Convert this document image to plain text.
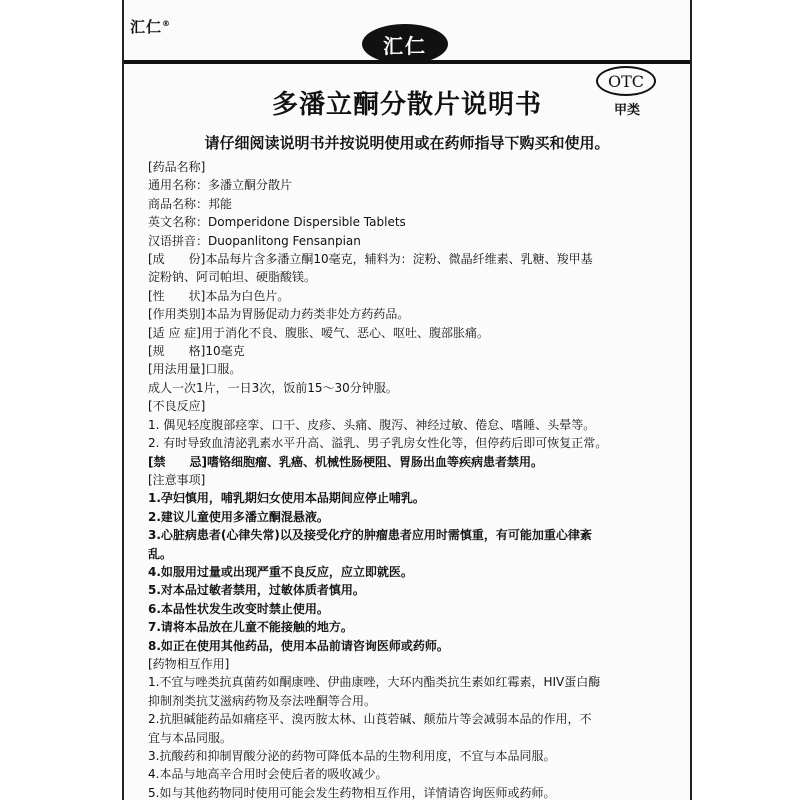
汇仁®
汇仁
OTC
甲类
多潘立酮分散片说明书
请仔细阅读说明书并按说明使用或在药师指导下购买和使用。
[药品名称]
通用名称： 多潘立酮分散片
商品名称： 邦能
英文名称： Domperidone Dispersible Tablets
汉语拼音： Duopanlitong Fensanpian
[成　　份] 本品每片含多潘立酮10毫克，辅料为：淀粉、微晶纤维素、乳糖、羧甲基
淀粉钠、阿司帕坦、硬脂酸镁。
[性　　状] 本品为白色片。
[作用类别] 本品为胃肠促动力药类非处方药药品。
[适 应 症] 用于消化不良、腹胀、嗳气、恶心、呕吐、腹部胀痛。
[规　　格] 10毫克
[用法用量] 口服。
成人一次1片，一日3次，饭前15～30分钟服。
[不良反应]
1. 偶见轻度腹部痉挛、口干、皮疹、头痛、腹泻、神经过敏、倦怠、嗜睡、头晕等。
2. 有时导致血清泌乳素水平升高、溢乳、男子乳房女性化等，但停药后即可恢复正常。
[禁　　忌] 嗜铬细胞瘤、乳癌、机械性肠梗阻、胃肠出血等疾病患者禁用。
[注意事项]
1.孕妇慎用，哺乳期妇女使用本品期间应停止哺乳。
2.建议儿童使用多潘立酮混悬液。
3.心脏病患者(心律失常)以及接受化疗的肿瘤患者应用时需慎重，有可能加重心律紊
乱。
4.如服用过量或出现严重不良反应，应立即就医。
5.对本品过敏者禁用，过敏体质者慎用。
6.本品性状发生改变时禁止使用。
7.请将本品放在儿童不能接触的地方。
8.如正在使用其他药品，使用本品前请咨询医师或药师。
[药物相互作用]
1.不宜与唑类抗真菌药如酮康唑、伊曲康唑，大环内酯类抗生素如红霉素，HIV蛋白酶
抑制剂类抗艾滋病药物及奈法唑酮等合用。
2.抗胆碱能药品如痛痉平、溴丙胺太林、山莨菪碱、颠茄片等会减弱本品的作用，不
宜与本品同服。
3.抗酸药和抑制胃酸分泌的药物可降低本品的生物利用度，不宜与本品同服。
4.本品与地高辛合用时会使后者的吸收减少。
5.如与其他药物同时使用可能会发生药物相互作用，详情请咨询医师或药师。
